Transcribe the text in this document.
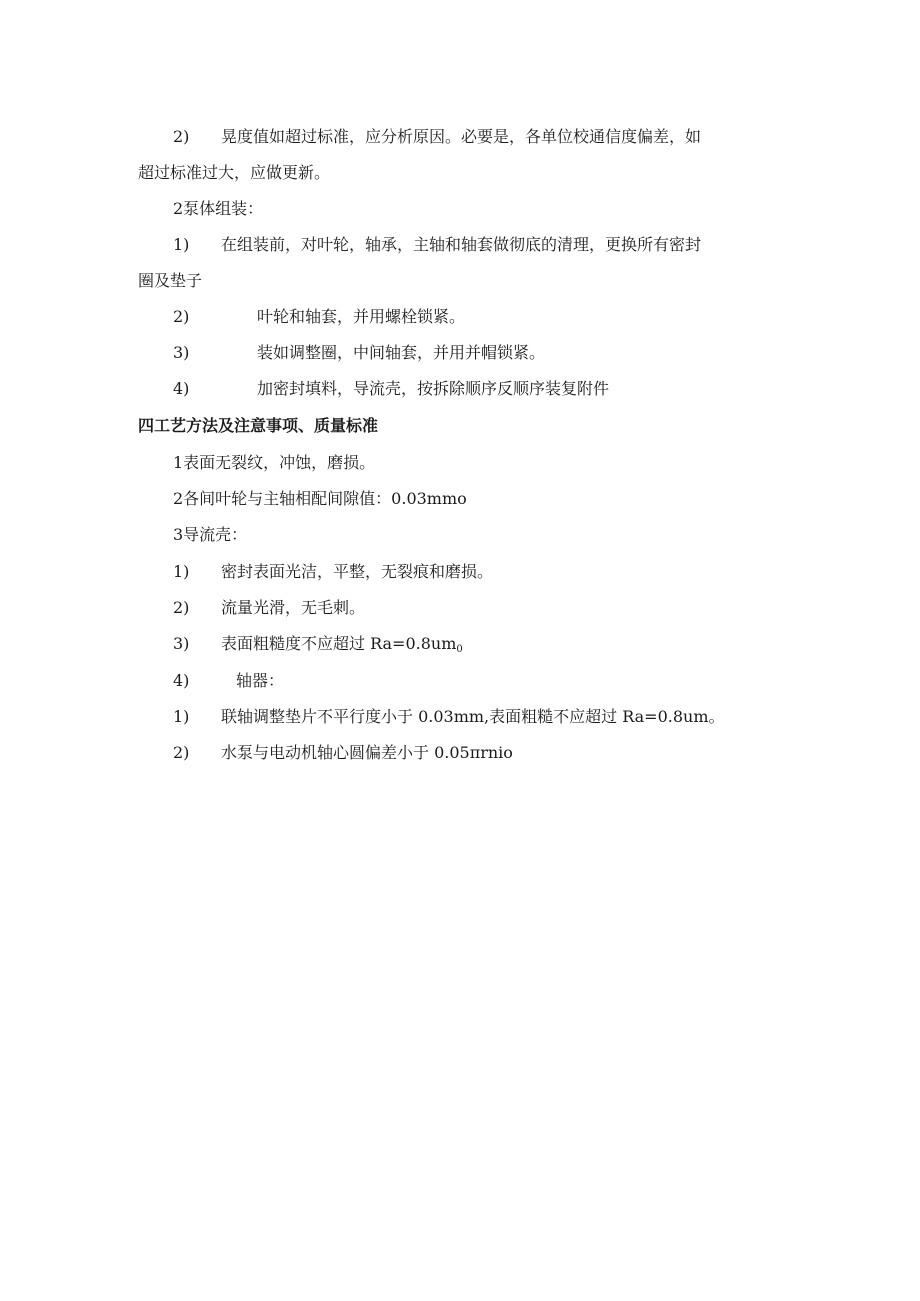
2) 晃度值如超过标准，应分析原因。必要是，各单位校通信度偏差，如
超过标准过大，应做更新。
2泵体组装：
1) 在组装前，对叶轮，轴承，主轴和轴套做彻底的清理，更换所有密封
圈及垫子
2)	叶轮和轴套，并用螺栓锁紧。
3)	装如调整圈，中间轴套，并用并帽锁紧。
4)	加密封填料，导流壳，按拆除顺序反顺序装复附件
四工艺方法及注意事项、质量标准
1表面无裂纹，冲蚀，磨损。
2各间叶轮与主轴相配间隙值：0.03mmo
3导流壳：
1) 密封表面光洁，平整，无裂痕和磨损。
2) 流量光滑，无毛刺。
3) 表面粗糙度不应超过 $Ra=0.8um_0$
4)	轴器：
1) 联轴调整垫片不平行度小于 0.03mm,表面粗糙不应超过 Ra=0.8um。
2) 水泵与电动机轴心圆偏差小于 0.05πrnio
